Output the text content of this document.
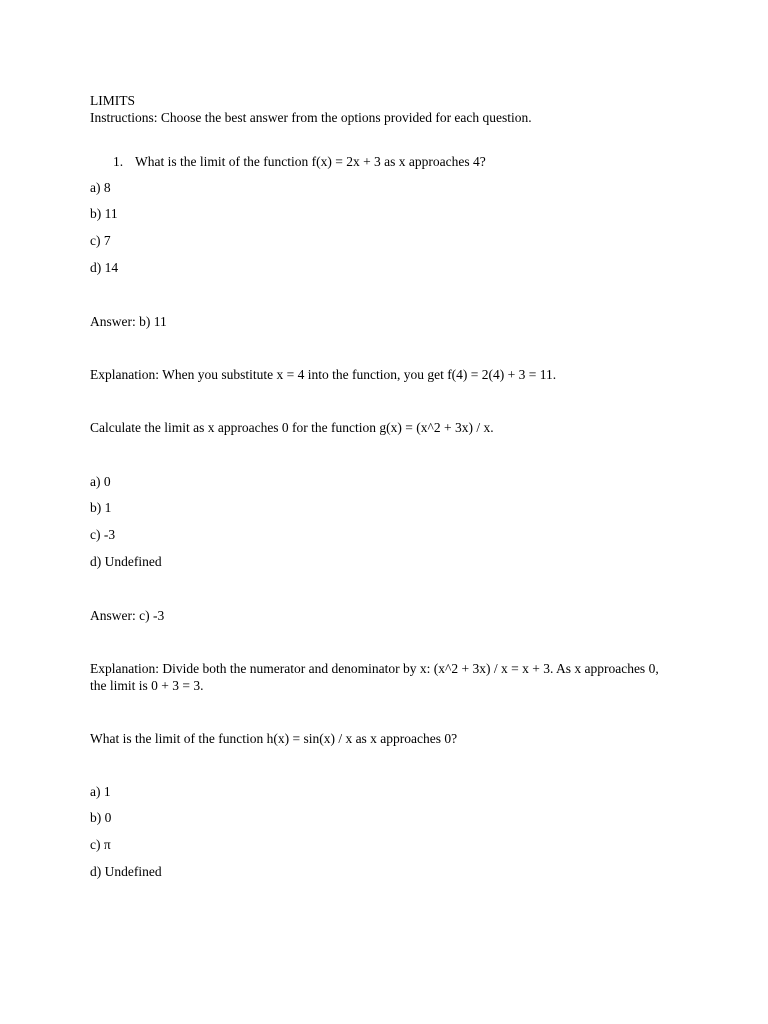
LIMITS
Instructions: Choose the best answer from the options provided for each question.
1. What is the limit of the function f(x) = 2x + 3 as x approaches 4?
a) 8
b) 11
c) 7
d) 14
Answer: b) 11
Explanation: When you substitute x = 4 into the function, you get f(4) = 2(4) + 3 = 11.
Calculate the limit as x approaches 0 for the function g(x) = (x^2 + 3x) / x.
a) 0
b) 1
c) -3
d) Undefined
Answer: c) -3
Explanation: Divide both the numerator and denominator by x: (x^2 + 3x) / x = x + 3. As x approaches 0,
the limit is 0 + 3 = 3.
What is the limit of the function h(x) = sin(x) / x as x approaches 0?
a) 1
b) 0
c) π
d) Undefined
